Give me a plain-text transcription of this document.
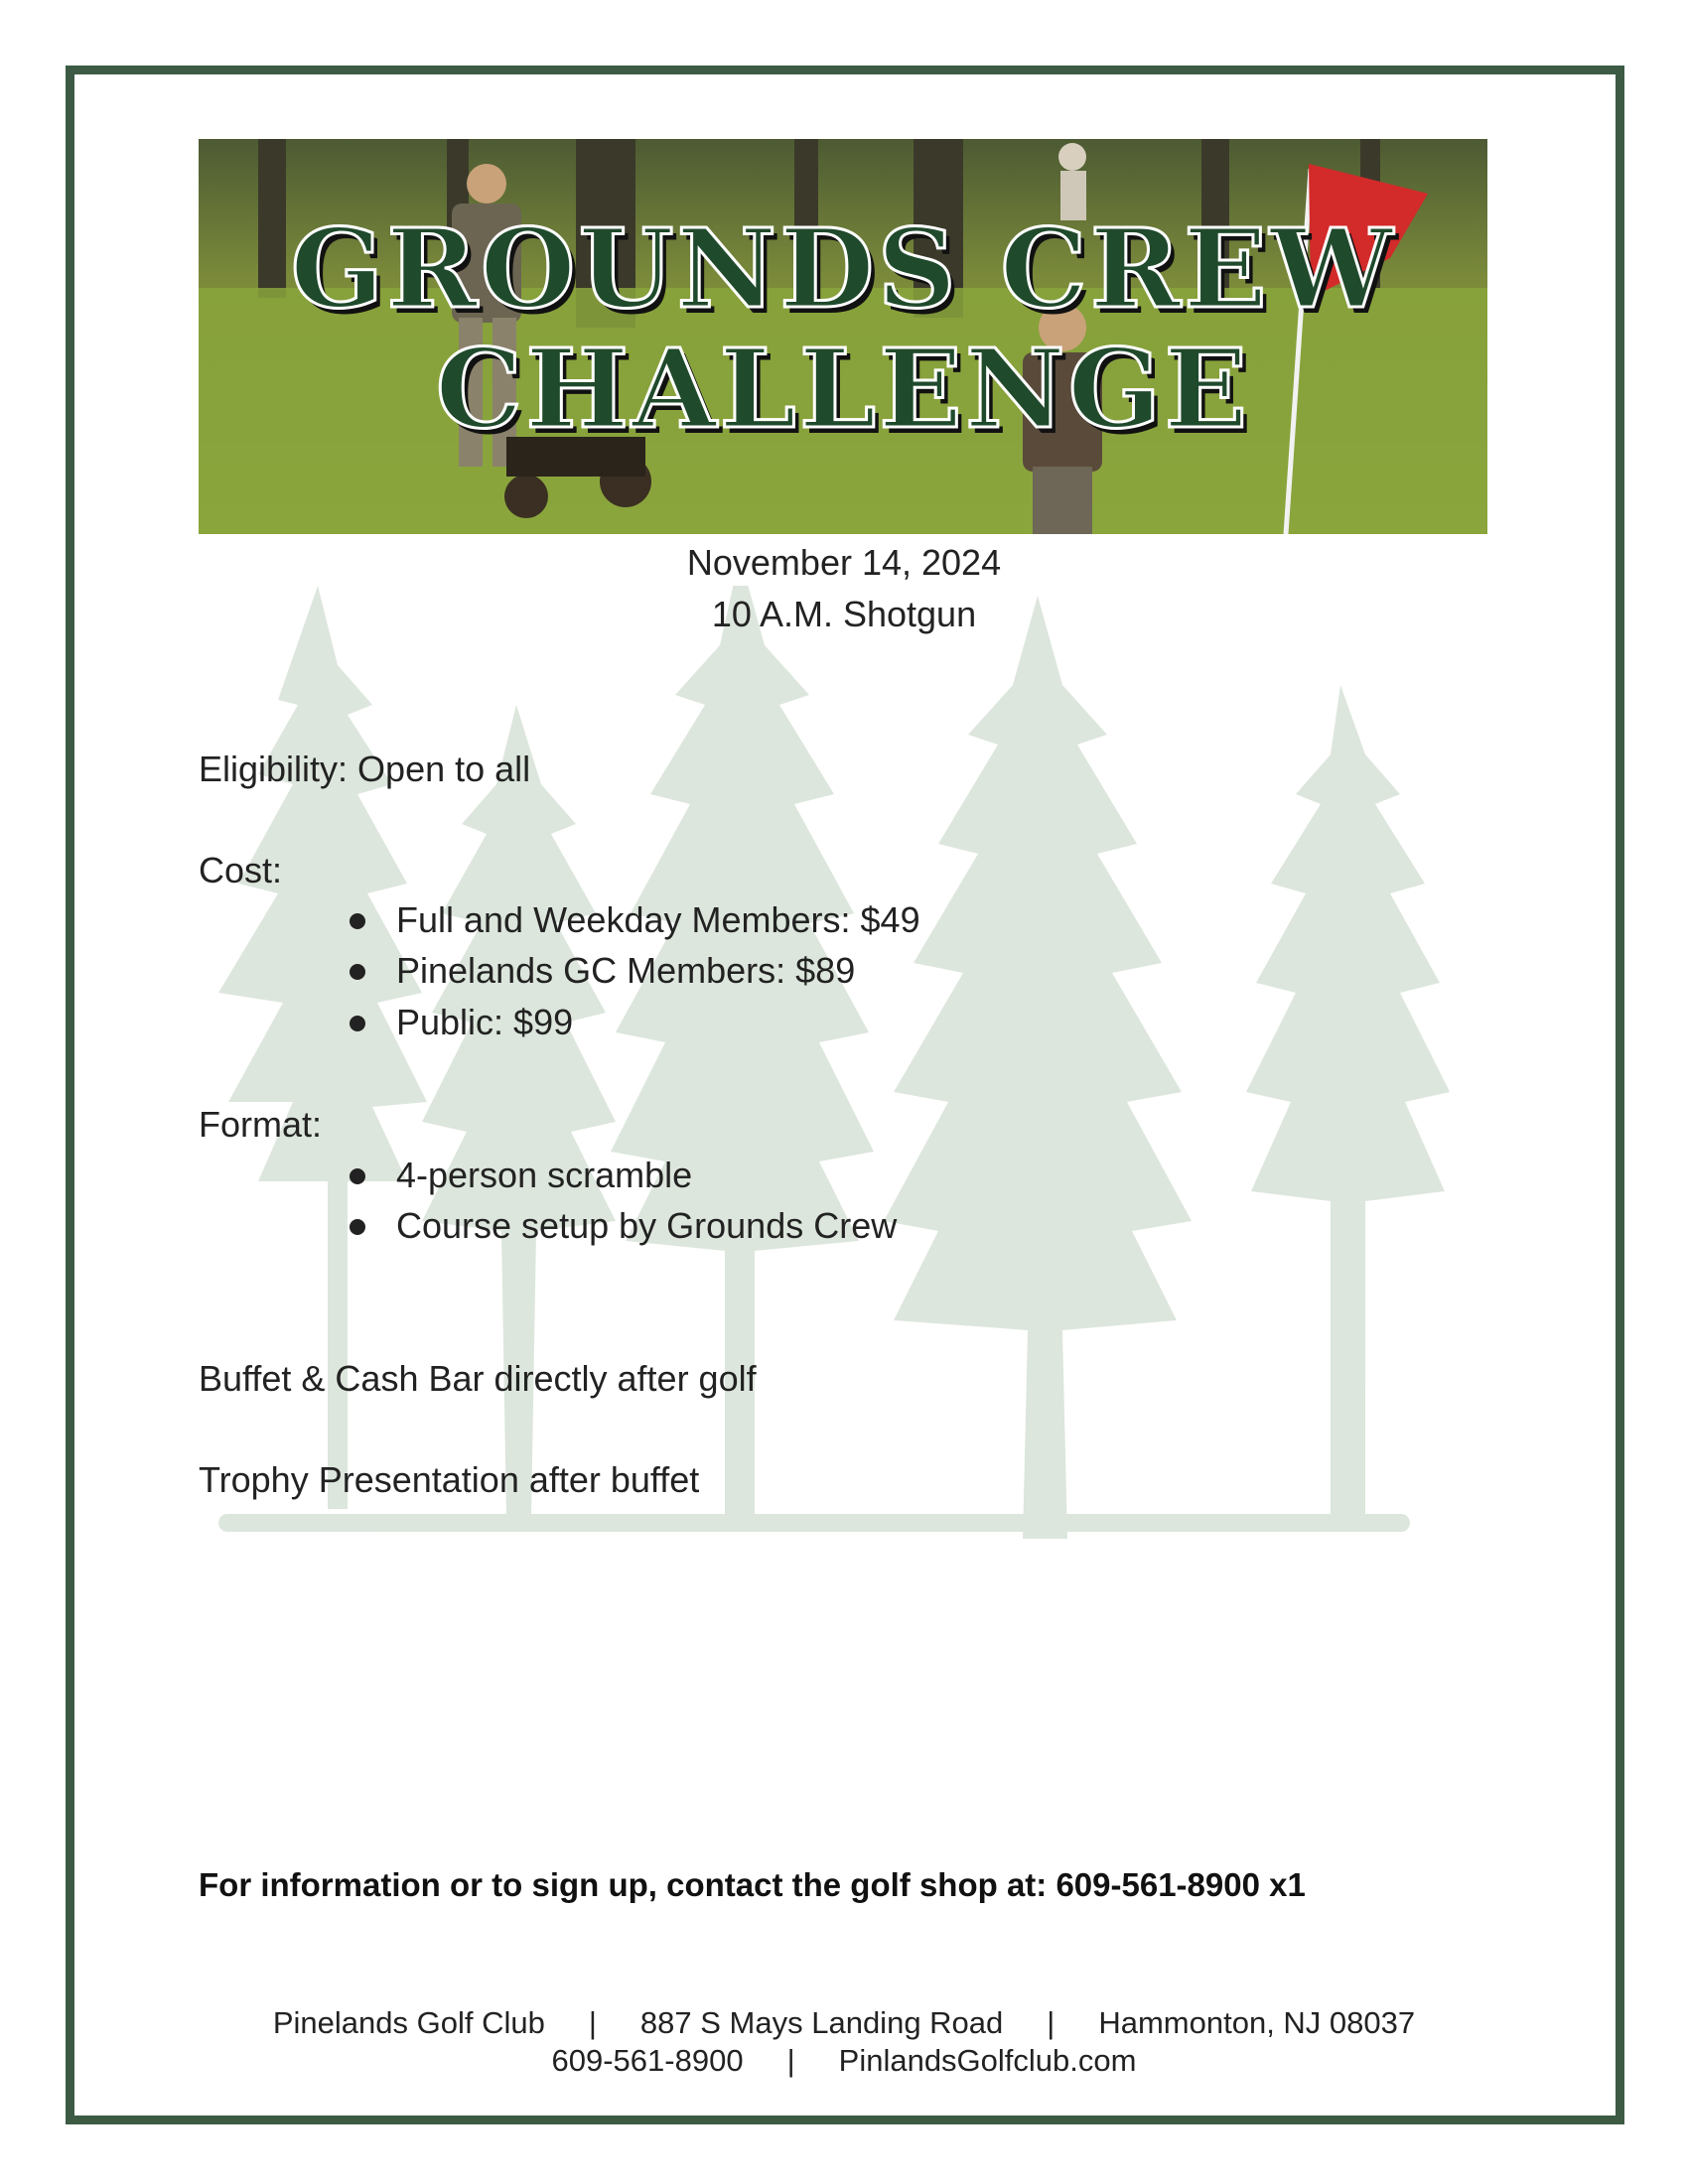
GROUNDS CREW
CHALLENGE
November 14, 2024
10 A.M. Shotgun
Eligibility: Open to all
Cost:
Full and Weekday Members: $49
Pinelands GC Members: $89
Public: $99
Format:
4-person scramble
Course setup by Grounds Crew
Buffet & Cash Bar directly after golf
Trophy Presentation after buffet
For information or to sign up, contact the golf shop at: 609-561-8900 x1
Pinelands Golf Club | 887 S Mays Landing Road | Hammonton, NJ 08037
609-561-8900 | PinlandsGolfclub.com
